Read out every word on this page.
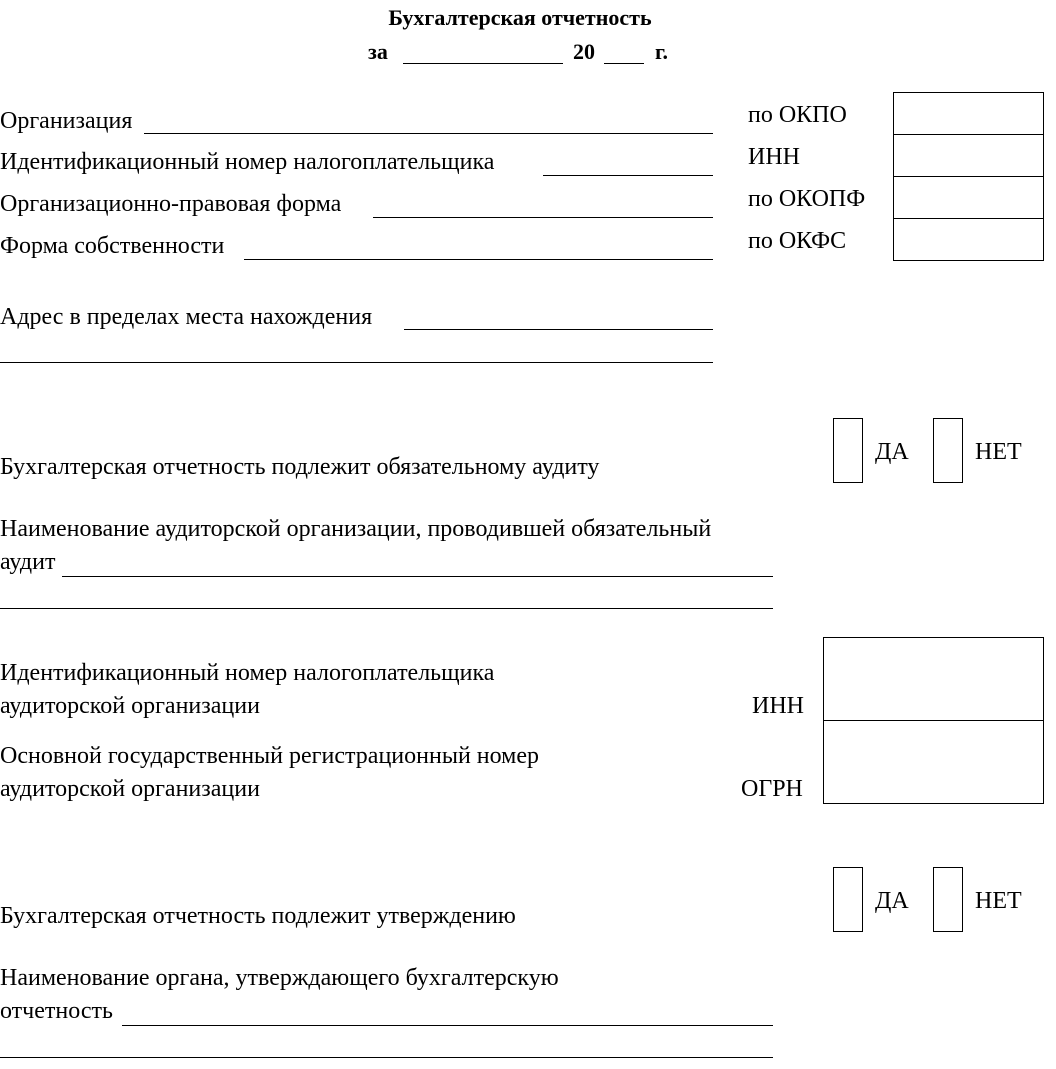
Бухгалтерская отчетность
за	20	г.
Организация
Идентификационный номер налогоплательщика
Организационно-правовая форма
Форма собственности
по ОКПО
ИНН
по ОКОПФ
по ОКФС
Адрес в пределах места нахождения
Бухгалтерская отчетность подлежит обязательному аудиту
ДА	НЕТ
Наименование аудиторской организации, проводившей обязательный
аудит
Идентификационный номер налогоплательщика
аудиторской организации	ИНН
Основной государственный регистрационный номер
аудиторской организации	ОГРН
Бухгалтерская отчетность подлежит утверждению
ДА	НЕТ
Наименование органа, утверждающего бухгалтерскую
отчетность
